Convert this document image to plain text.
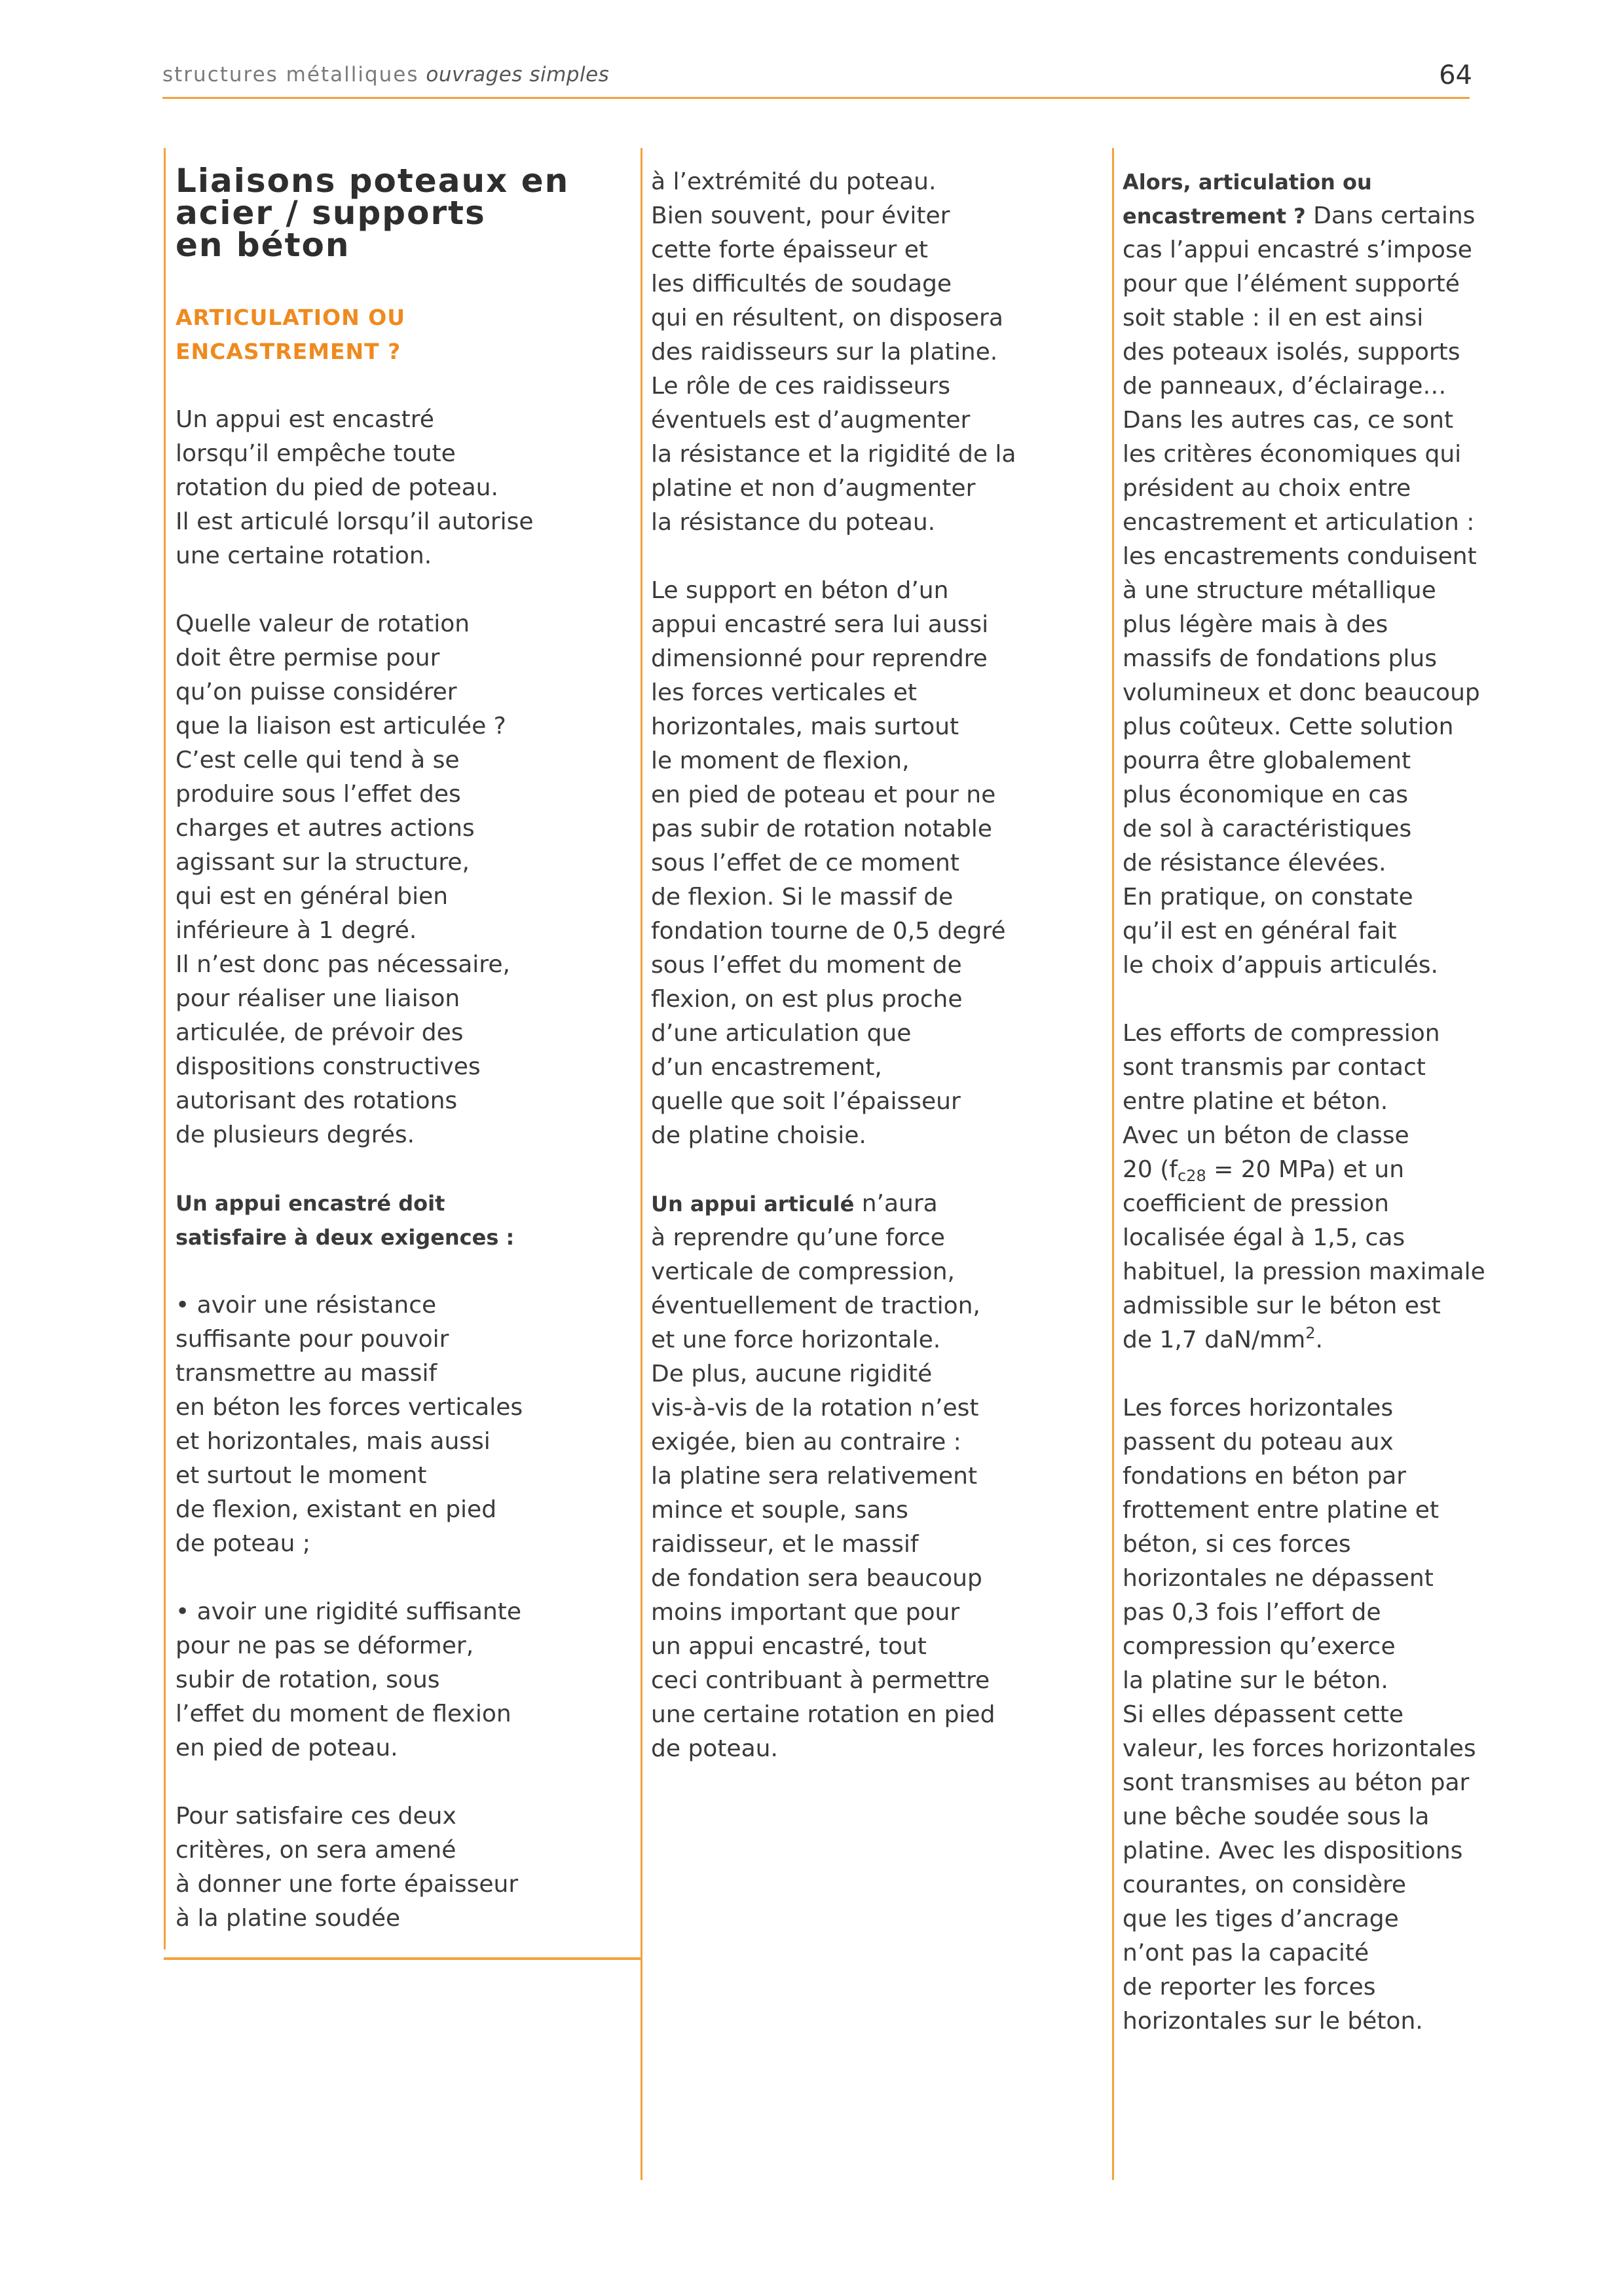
structures métalliques ouvrages simples	64
Liaisons poteaux en
acier / supports
en béton
ARTICULATION OU
ENCASTREMENT ?

Un appui est encastré
lorsqu’il empêche toute
rotation du pied de poteau.
Il est articulé lorsqu’il autorise
une certaine rotation.

Quelle valeur de rotation
doit être permise pour
qu’on puisse considérer
que la liaison est articulée ?
C’est celle qui tend à se
produire sous l’effet des
charges et autres actions
agissant sur la structure,
qui est en général bien
inférieure à 1 degré.
Il n’est donc pas nécessaire,
pour réaliser une liaison
articulée, de prévoir des
dispositions constructives
autorisant des rotations
de plusieurs degrés.

Un appui encastré doit
satisfaire à deux exigences :

• avoir une résistance
suffisante pour pouvoir
transmettre au massif
en béton les forces verticales
et horizontales, mais aussi
et surtout le moment
de flexion, existant en pied
de poteau ;

• avoir une rigidité suffisante
pour ne pas se déformer,
subir de rotation, sous
l’effet du moment de flexion
en pied de poteau.

Pour satisfaire ces deux
critères, on sera amené
à donner une forte épaisseur
à la platine soudée

à l’extrémité du poteau.
Bien souvent, pour éviter
cette forte épaisseur et
les difficultés de soudage
qui en résultent, on disposera
des raidisseurs sur la platine.
Le rôle de ces raidisseurs
éventuels est d’augmenter
la résistance et la rigidité de la
platine et non d’augmenter
la résistance du poteau.

Le support en béton d’un
appui encastré sera lui aussi
dimensionné pour reprendre
les forces verticales et
horizontales, mais surtout
le moment de flexion,
en pied de poteau et pour ne
pas subir de rotation notable
sous l’effet de ce moment
de flexion. Si le massif de
fondation tourne de 0,5 degré
sous l’effet du moment de
flexion, on est plus proche
d’une articulation que
d’un encastrement,
quelle que soit l’épaisseur
de platine choisie.

Un appui articulé n’aura
à reprendre qu’une force
verticale de compression,
éventuellement de traction,
et une force horizontale.
De plus, aucune rigidité
vis-à-vis de la rotation n’est
exigée, bien au contraire :
la platine sera relativement
mince et souple, sans
raidisseur, et le massif
de fondation sera beaucoup
moins important que pour
un appui encastré, tout
ceci contribuant à permettre
une certaine rotation en pied
de poteau.

Alors, articulation ou
encastrement ? Dans certains
cas l’appui encastré s’impose
pour que l’élément supporté
soit stable : il en est ainsi
des poteaux isolés, supports
de panneaux, d’éclairage…
Dans les autres cas, ce sont
les critères économiques qui
président au choix entre
encastrement et articulation :
les encastrements conduisent
à une structure métallique
plus légère mais à des
massifs de fondations plus
volumineux et donc beaucoup
plus coûteux. Cette solution
pourra être globalement
plus économique en cas
de sol à caractéristiques
de résistance élevées.
En pratique, on constate
qu’il est en général fait
le choix d’appuis articulés.

Les efforts de compression
sont transmis par contact
entre platine et béton.
Avec un béton de classe
20 ($f_{c28} = 20$ MPa) et un
coefficient de pression
localisée égal à 1,5, cas
habituel, la pression maximale
admissible sur le béton est
de 1,7 daN/$mm^2$.

Les forces horizontales
passent du poteau aux
fondations en béton par
frottement entre platine et
béton, si ces forces
horizontales ne dépassent
pas 0,3 fois l’effort de
compression qu’exerce
la platine sur le béton.
Si elles dépassent cette
valeur, les forces horizontales
sont transmises au béton par
une bêche soudée sous la
platine. Avec les dispositions
courantes, on considère
que les tiges d’ancrage
n’ont pas la capacité
de reporter les forces
horizontales sur le béton.
